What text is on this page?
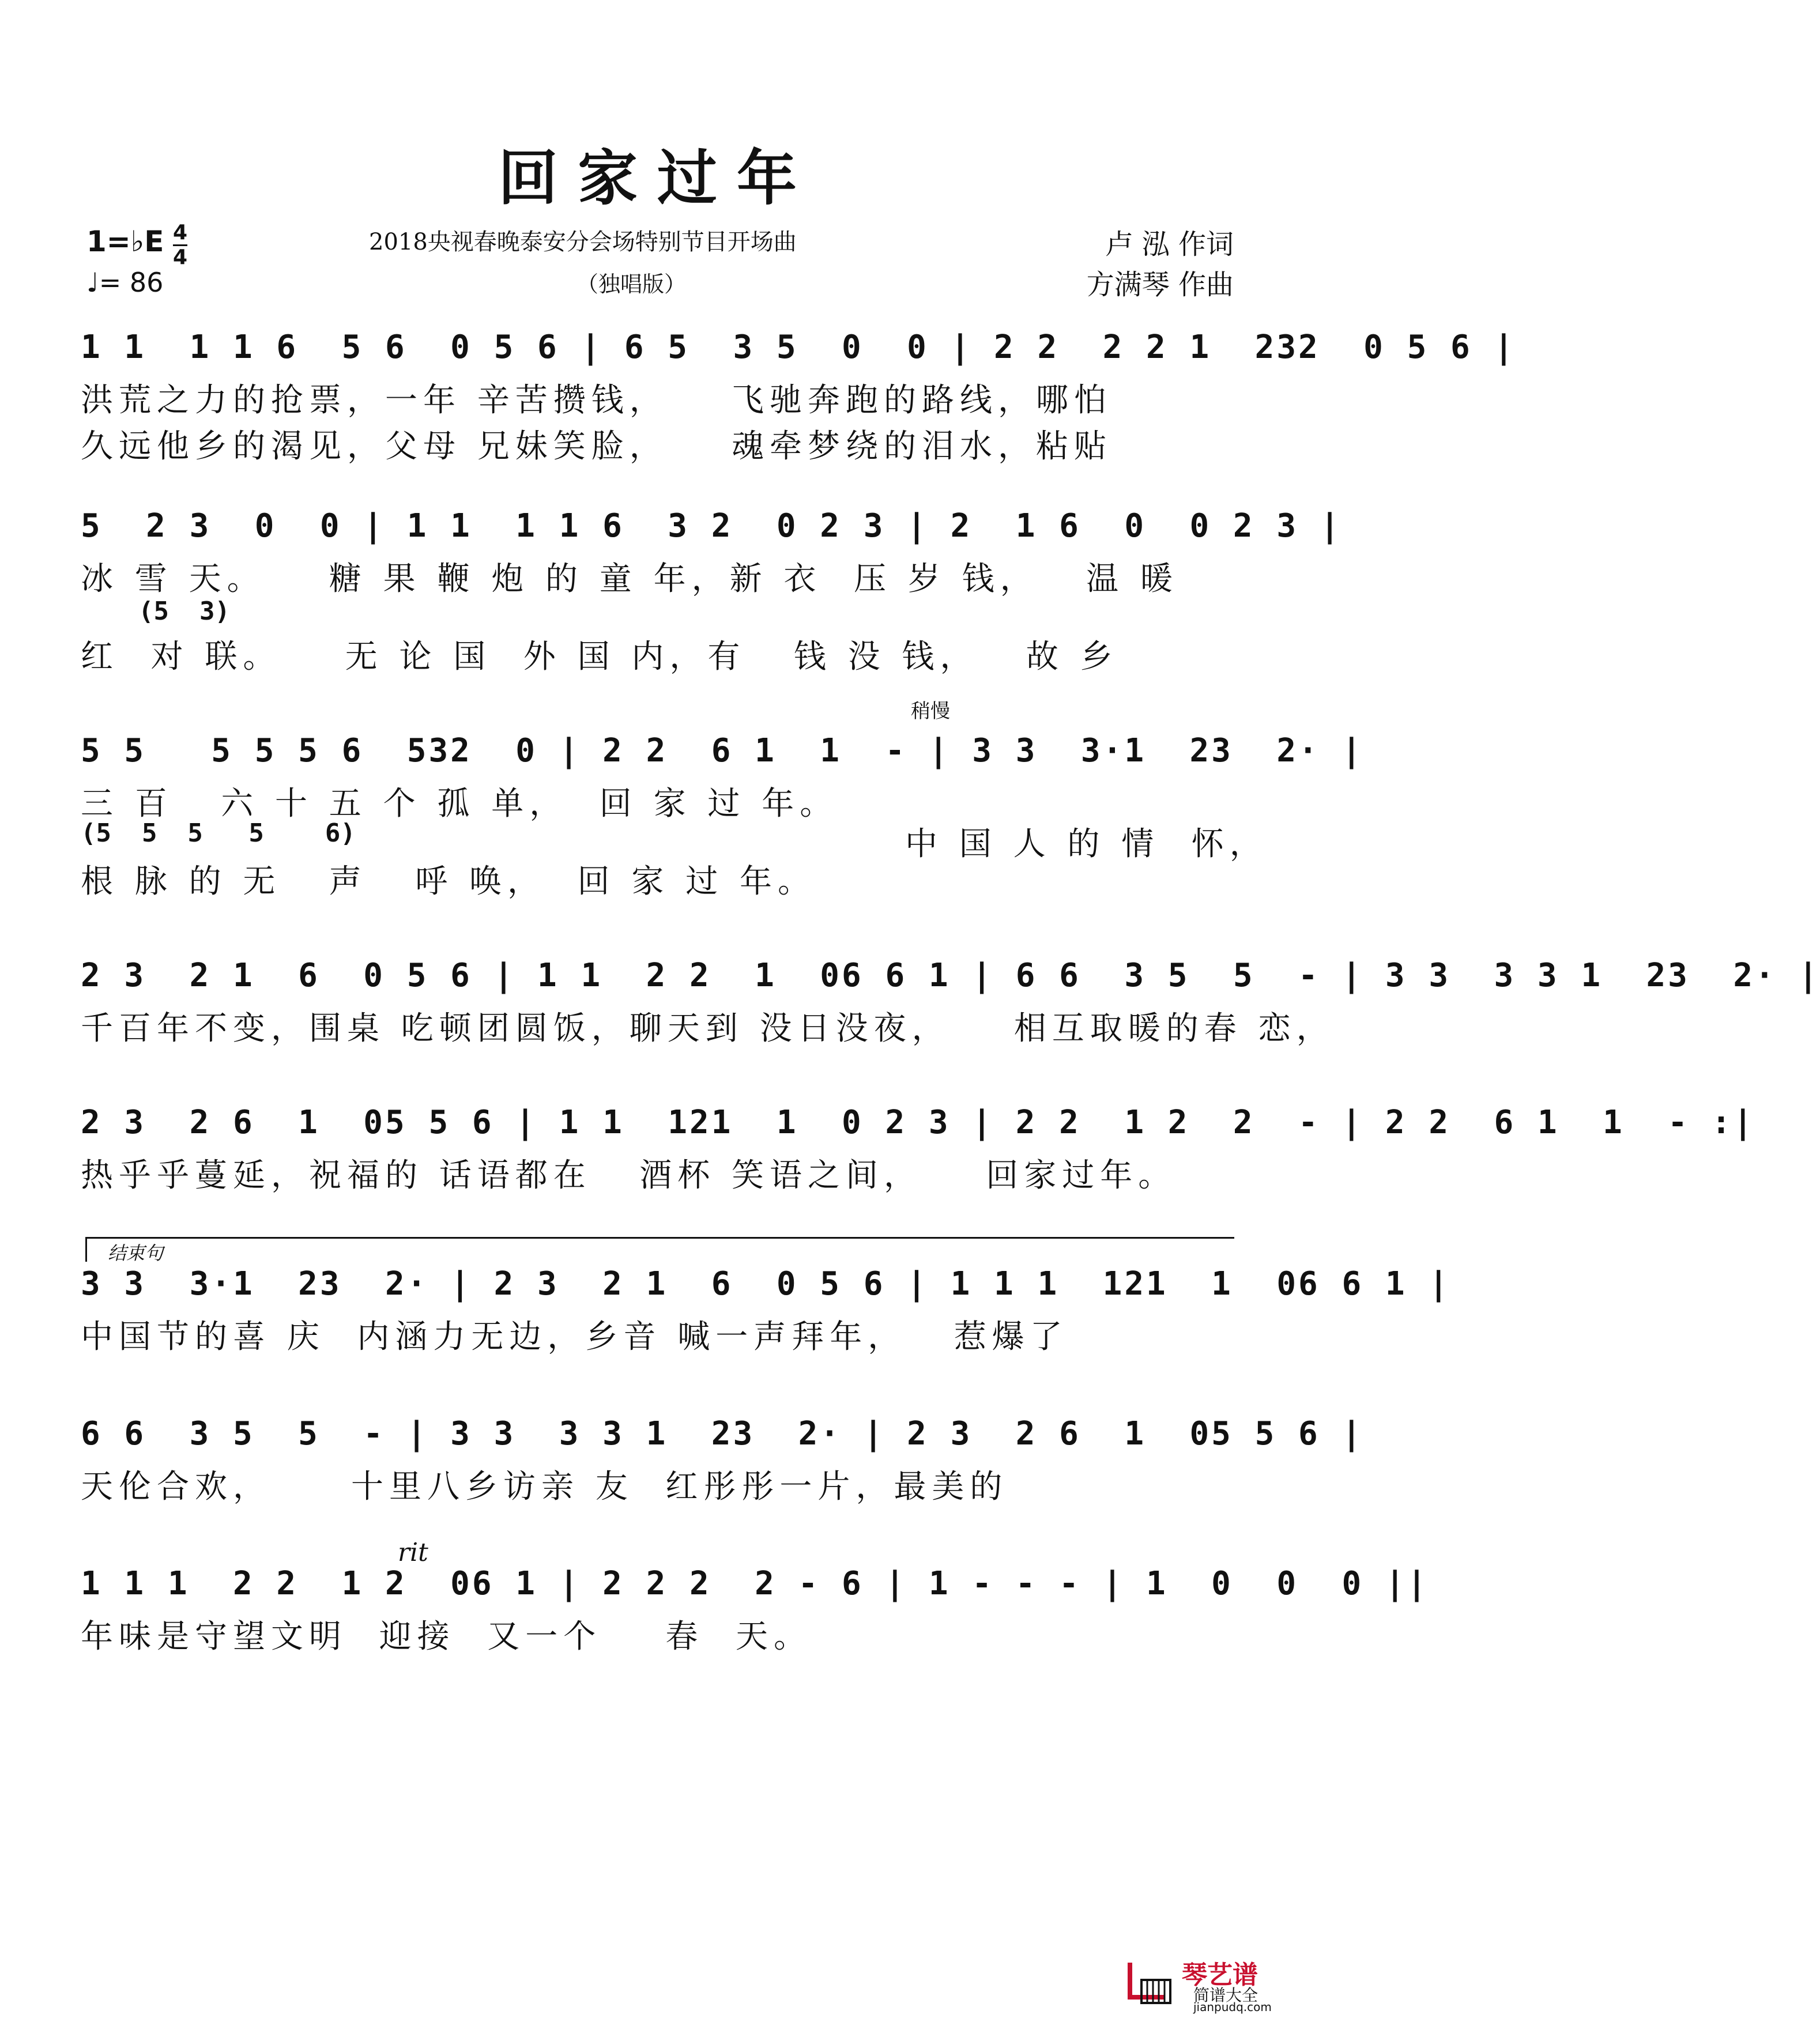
回家过年
1=♭E 4
4
♩= 86
2018央视春晚泰安分会场特别节目开场曲
（独唱版）
卢 泓 作词
方满琴 作曲
1 1  1 1 6  5 6  0 5 6 | 6 5  3 5  0  0 | 2 2  2 2 1  232  0 5 6 |
洪荒之力的抢票，一年 辛苦攒钱，    飞驰奔跑的路线，哪怕
久远他乡的渴见，父母 兄妹笑脸，    魂牵梦绕的泪水，粘贴
5  2 3  0  0 | 1 1  1 1 6  3 2  0 2 3 | 2  1 6  0  0 2 3 |
冰 雪 天。    糖 果 鞭 炮 的 童 年，新 衣  压 岁 钱，   温 暖
(5  3)
红  对 联。    无 论 国  外 国 内，有   钱 没 钱，   故 乡
稍慢
5 5   5 5 5 6  532  0 | 2 2  6 1  1  - | 3 3  3·1  23  2· |
三 百   六 十 五 个 孤 单，  回 家 过 年。
中 国 人 的 情  怀，
(5  5  5   5    6)
根 脉 的 无   声   呼 唤，  回 家 过 年。
2 3  2 1  6  0 5 6 | 1 1  2 2  1  06 6 1 | 6 6  3 5  5  - | 3 3  3 3 1  23  2· |
千百年不变，围桌 吃顿团圆饭，聊天到 没日没夜，    相互取暖的春 恋，
2 3  2 6  1  05 5 6 | 1 1  121  1  0 2 3 | 2 2  1 2  2  - | 2 2  6 1  1  - :|
热乎乎蔓延，祝福的 话语都在   酒杯 笑语之间，    回家过年。
结束句
3 3  3·1  23  2· | 2 3  2 1  6  0 5 6 | 1 1 1  121  1  06 6 1 |
中国节的喜 庆  内涵力无边，乡音 喊一声拜年，   惹爆了
6 6  3 5  5  - | 3 3  3 3 1  23  2· | 2 3  2 6  1  05 5 6 |
天伦合欢，     十里八乡访亲 友  红彤彤一片，最美的
rit
1 1 1  2 2  1 2  06 1 | 2 2 2  2 - 6 | 1 - - - | 1  0  0  0 ||
年味是守望文明  迎接  又一个    春  天。
琴艺谱
简谱大全
jianpudq.com
